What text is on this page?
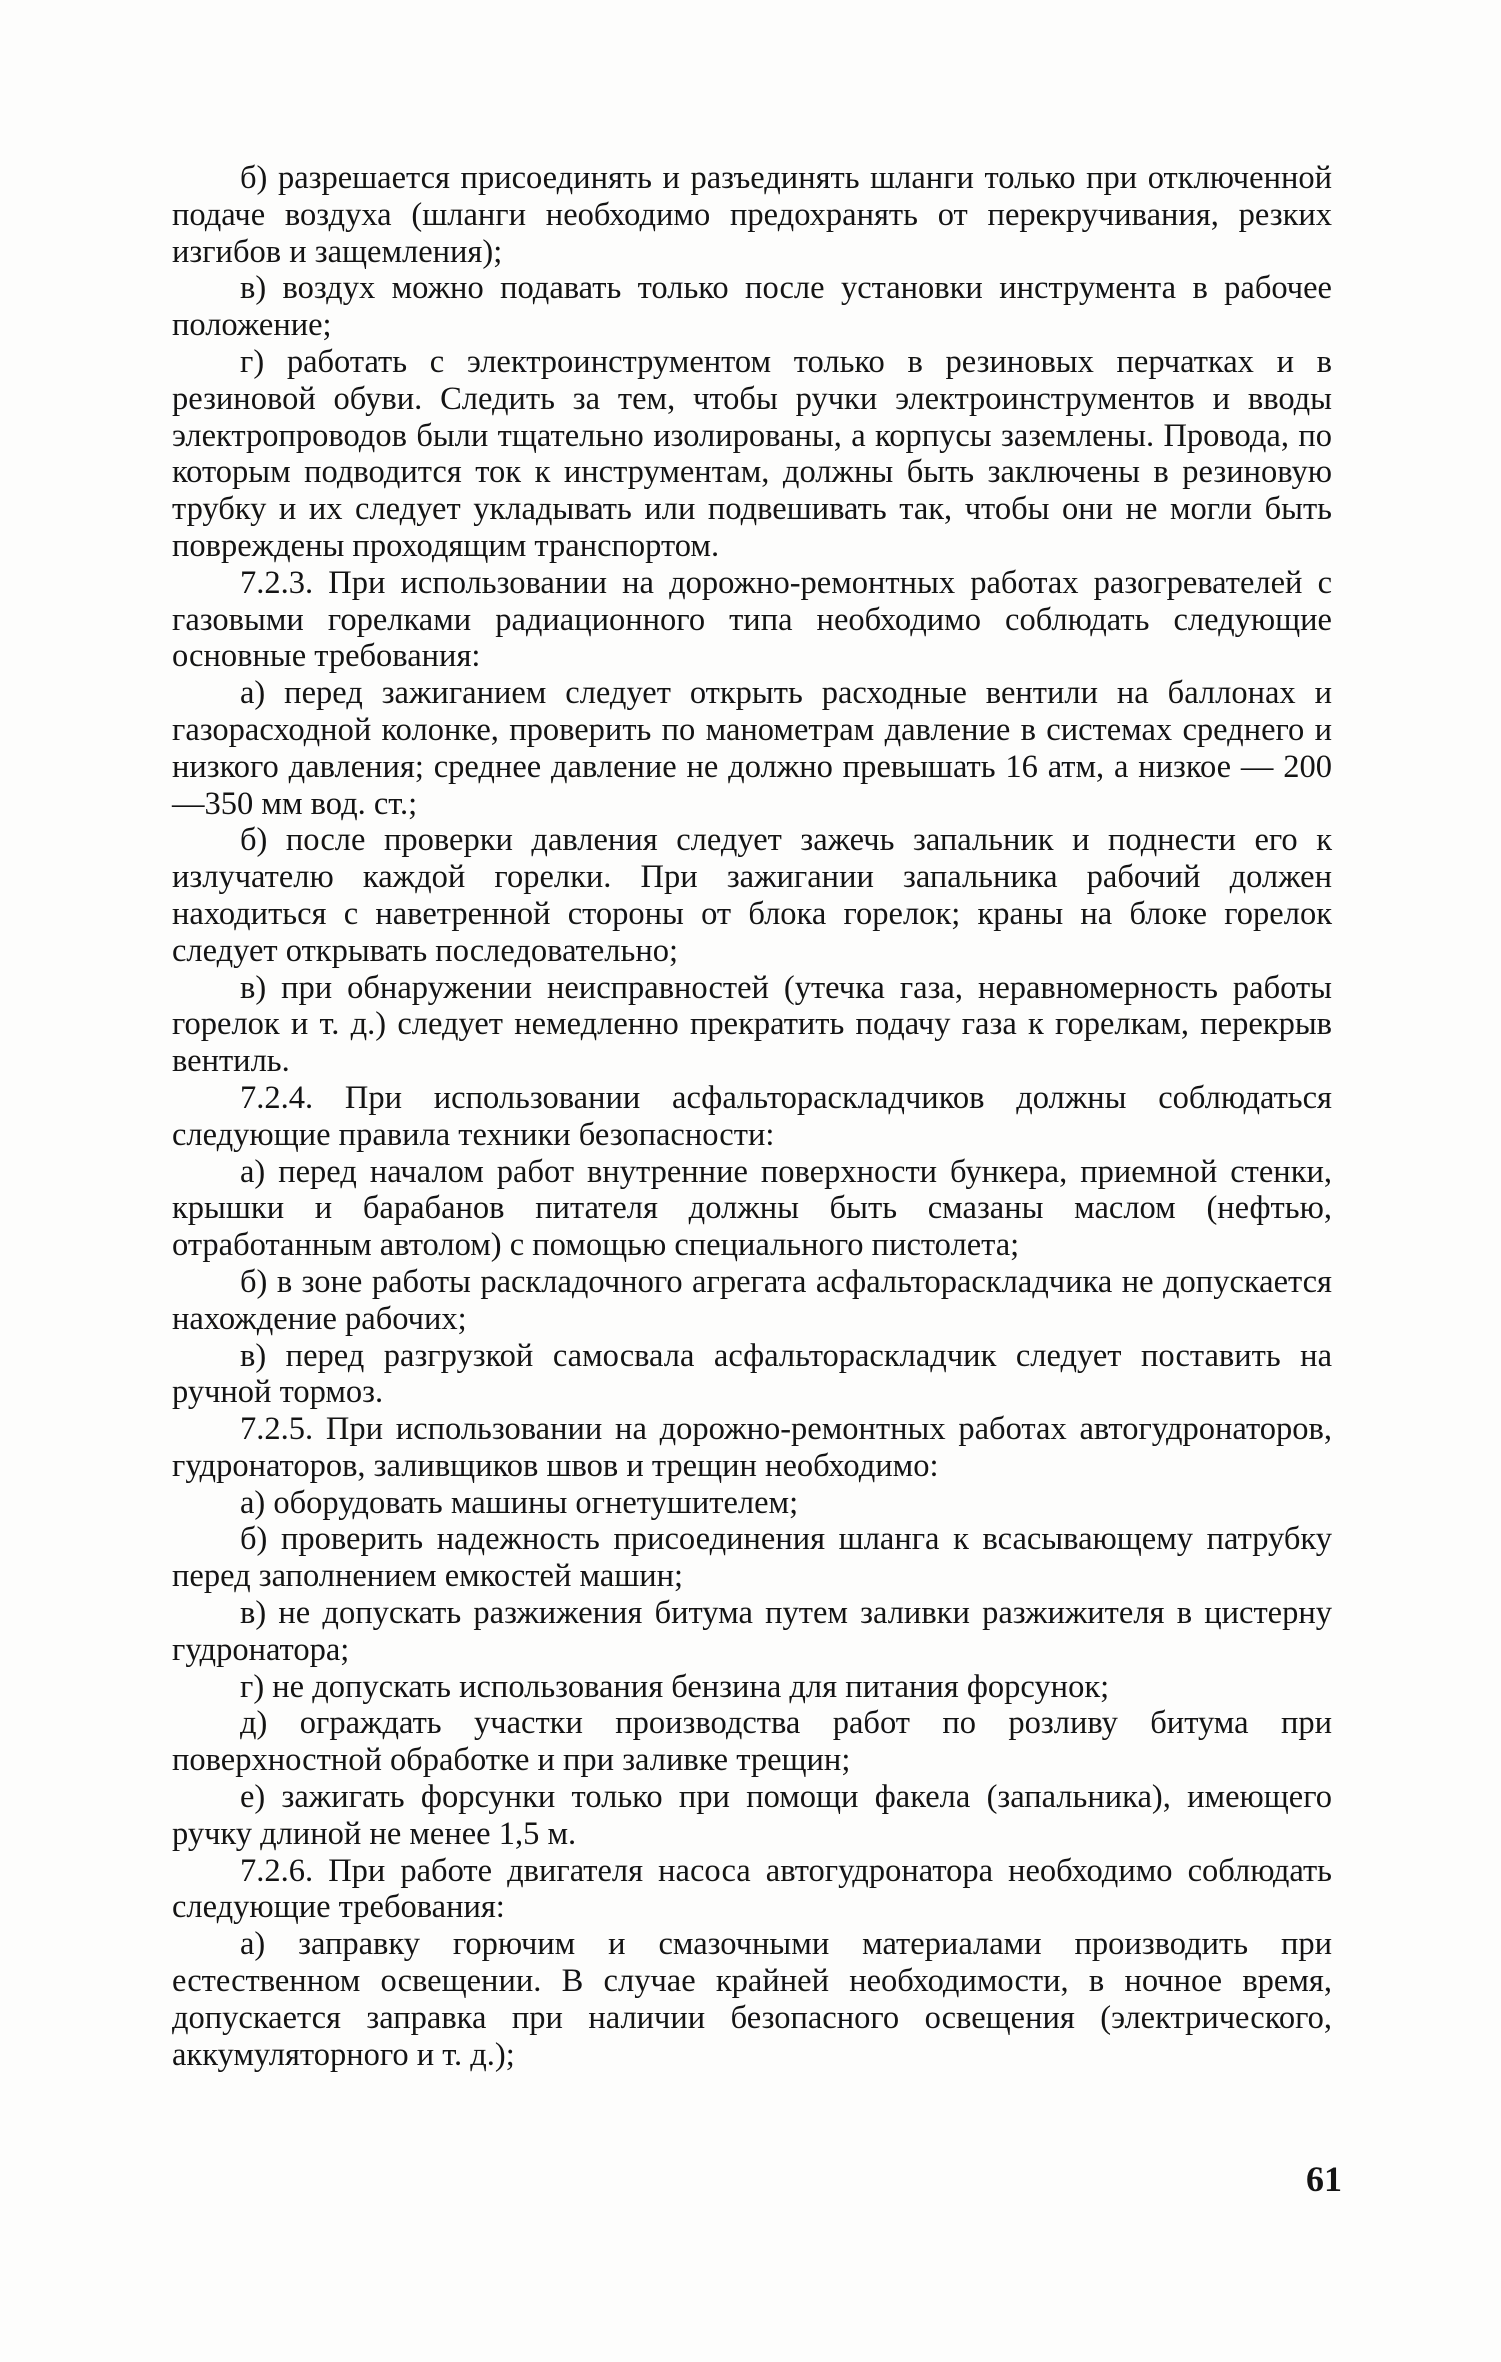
б) разрешается присоединять и разъединять шланги только при отключенной подаче воздуха (шланги необходимо предохранять от перекручивания, резких изгибов и защемления);

в) воздух можно подавать только после установки инструмента в рабочее положение;

г) работать с электроинструментом только в резиновых перчатках и в резиновой обуви. Следить за тем, чтобы ручки электроинструментов и вводы электропроводов были тщательно изолированы, а корпусы заземлены. Провода, по которым подводится ток к инструментам, должны быть заключены в резиновую трубку и их следует укладывать или подвешивать так, чтобы они не могли быть повреждены проходящим транспортом.

7.2.3. При использовании на дорожно-ремонтных работах разогревателей с газовыми горелками радиационного типа необходимо соблюдать следующие основные требования:

а) перед зажиганием следует открыть расходные вентили на баллонах и газорасходной колонке, проверить по манометрам давление в системах среднего и низкого давления; среднее давление не должно превышать 16 атм, а низкое — 200—350 мм вод. ст.;

б) после проверки давления следует зажечь запальник и поднести его к излучателю каждой горелки. При зажигании запальника рабочий должен находиться с наветренной стороны от блока горелок; краны на блоке горелок следует открывать последовательно;

в) при обнаружении неисправностей (утечка газа, неравномерность работы горелок и т. д.) следует немедленно прекратить подачу газа к горелкам, перекрыв вентиль.

7.2.4. При использовании асфальтораскладчиков должны соблюдаться следующие правила техники безопасности:

а) перед началом работ внутренние поверхности бункера, приемной стенки, крышки и барабанов питателя должны быть смазаны маслом (нефтью, отработанным автолом) с помощью специального пистолета;

б) в зоне работы раскладочного агрегата асфальтораскладчика не допускается нахождение рабочих;

в) перед разгрузкой самосвала асфальтораскладчик следует поставить на ручной тормоз.

7.2.5. При использовании на дорожно-ремонтных работах автогудронаторов, гудронаторов, заливщиков швов и трещин необходимо:

а) оборудовать машины огнетушителем;

б) проверить надежность присоединения шланга к всасывающему патрубку перед заполнением емкостей машин;

в) не допускать разжижения битума путем заливки разжижителя в цистерну гудронатора;

г) не допускать использования бензина для питания форсунок;

д) ограждать участки производства работ по розливу битума при поверхностной обработке и при заливке трещин;

е) зажигать форсунки только при помощи факела (запальника), имеющего ручку длиной не менее 1,5 м.

7.2.6. При работе двигателя насоса автогудронатора необходимо соблюдать следующие требования:

а) заправку горючим и смазочными материалами производить при естественном освещении. В случае крайней необходимости, в ночное время, допускается заправка при наличии безопасного освещения (электрического, аккумуляторного и т. д.);

61
